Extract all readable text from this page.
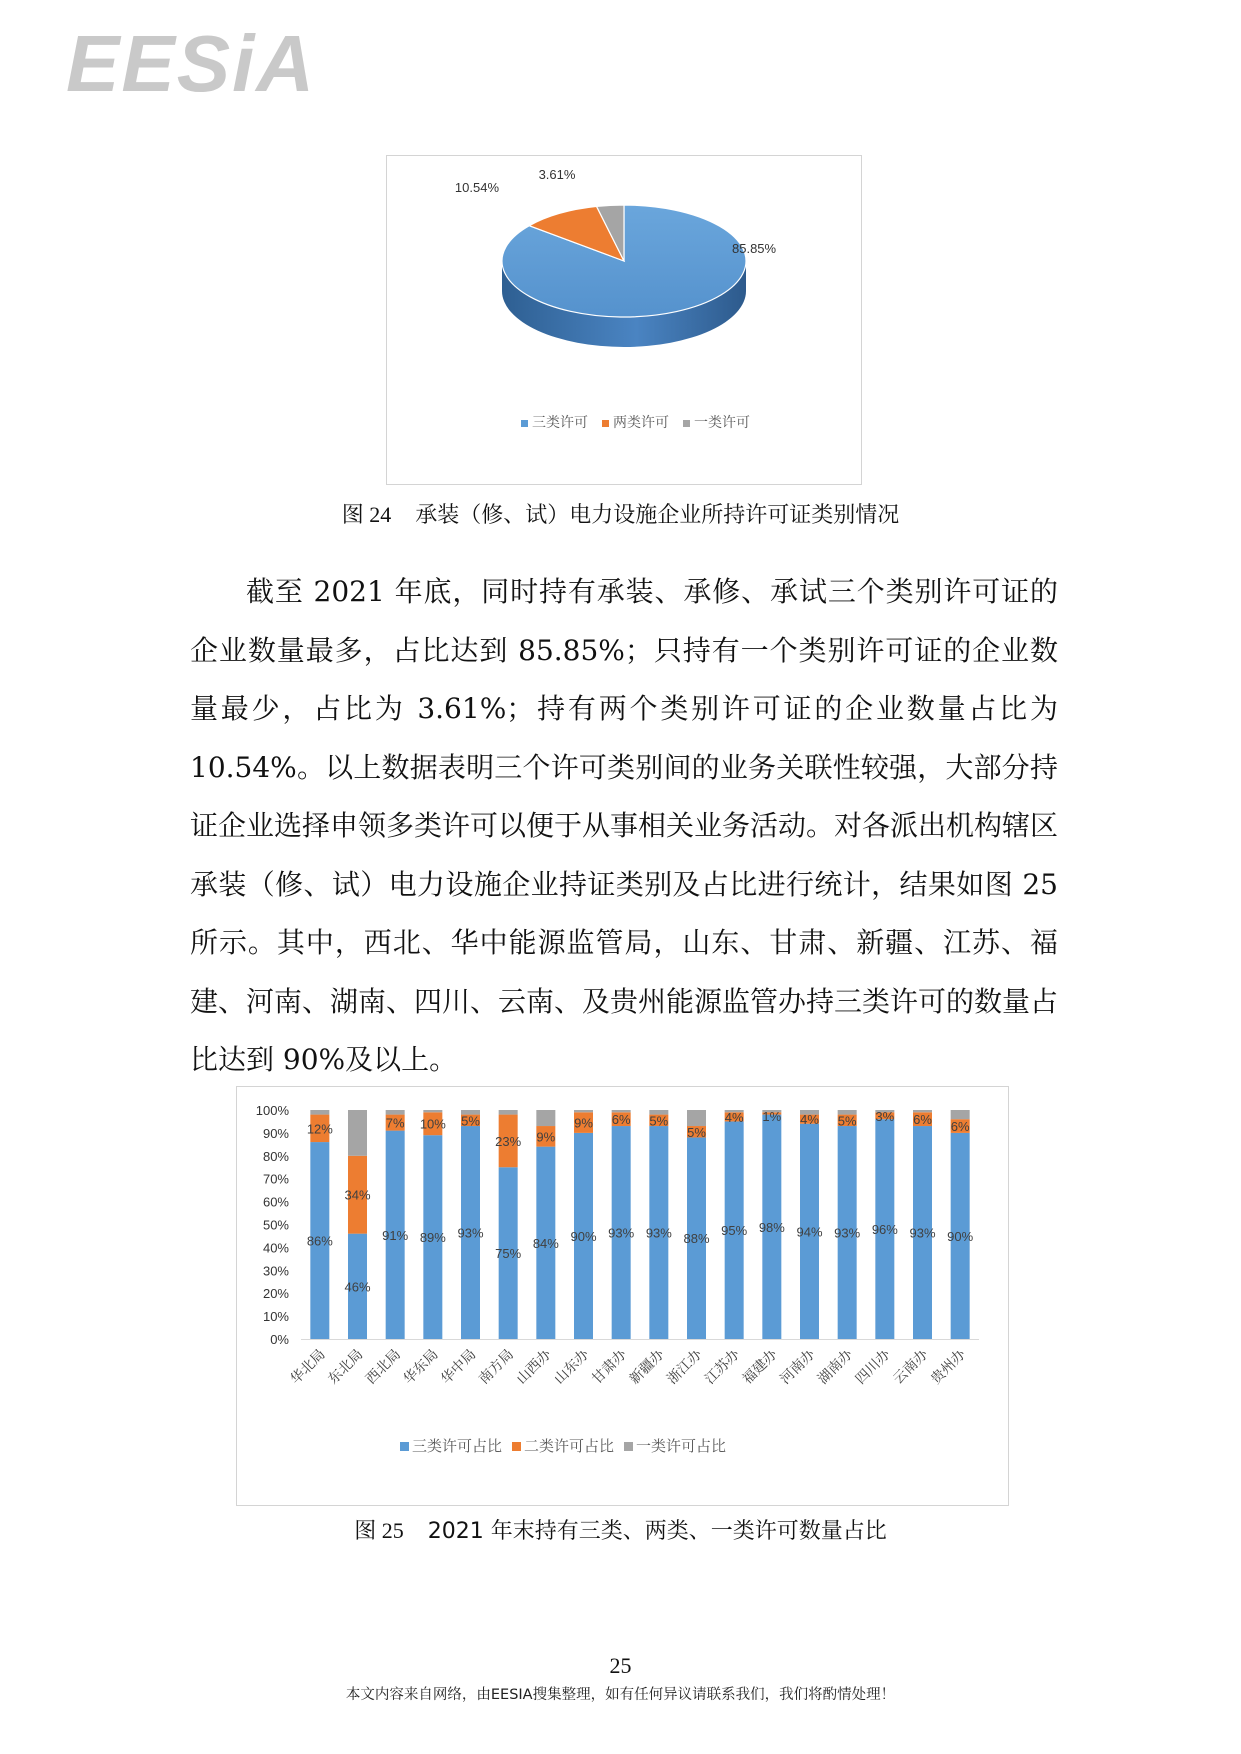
EESiA
85.85%
10.54%
3.61%
三类许可 两类许可 一类许可
图 24 承装（修、试）电力设施企业所持许可证类别情况
截至 2021 年底，同时持有承装、承修、承试三个类别许可证的企业数量最多，占比达到 85.85%；只持有一个类别许可证的企业数量最少，占比为 3.61%；持有两个类别许可证的企业数量占比为 10.54%。以上数据表明三个许可类别间的业务关联性较强，大部分持证企业选择申领多类许可以便于从事相关业务活动。对各派出机构辖区承装（修、试）电力设施企业持证类别及占比进行统计，结果如图 25 所示。其中，西北、华中能源监管局，山东、甘肃、新疆、江苏、福建、河南、湖南、四川、云南、及贵州能源监管办持三类许可的数量占比达到 90%及以上。
0%
10%
20%
30%
40%
50%
60%
70%
80%
90%
100%
86%
12%
华北局
46%
34%
东北局
91%
7%
西北局
89%
10%
华东局
93%
5%
华中局
75%
23%
南方局
84%
9%
山西办
90%
9%
山东办
93%
6%
甘肃办
93%
5%
新疆办
88%
5%
浙江办
95%
4%
江苏办
98%
1%
福建办
94%
4%
河南办
93%
5%
湖南办
96%
3%
四川办
93%
6%
云南办
90%
6%
贵州办
三类许可占比 二类许可占比 一类许可占比
图 25 2021 年末持有三类、两类、一类许可数量占比
25
本文内容来自网络，由EESIA搜集整理，如有任何异议请联系我们，我们将酌情处理！
